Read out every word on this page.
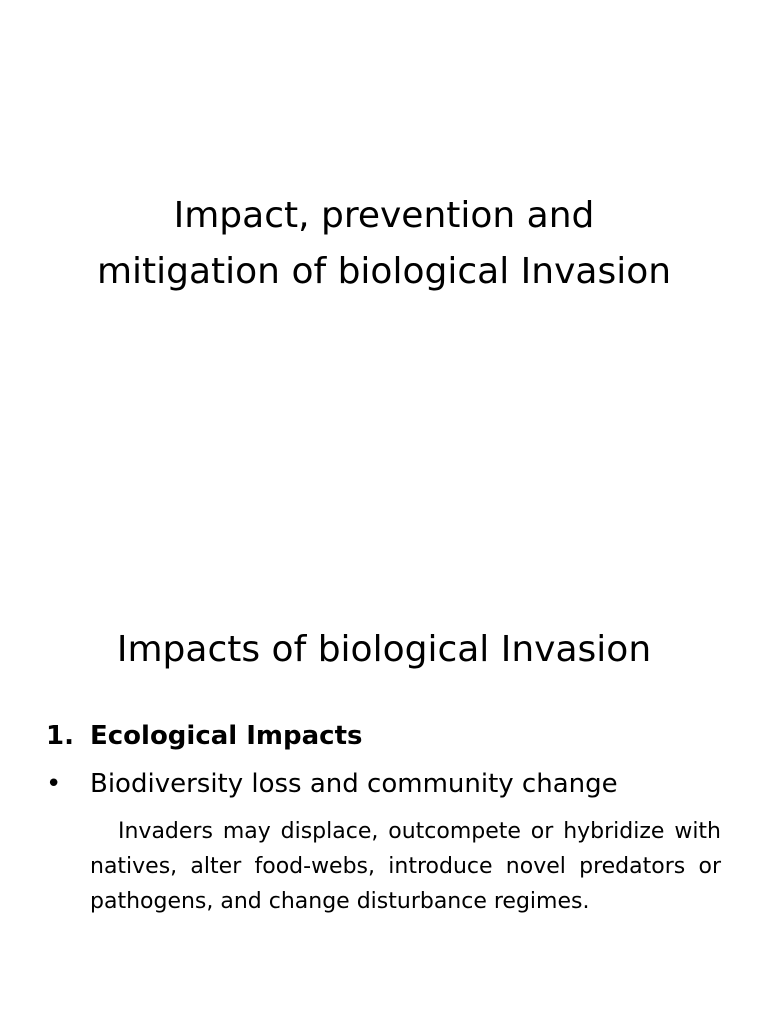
Impact, prevention and
mitigation of biological Invasion
Impacts of biological Invasion
1. Ecological Impacts
•	Biodiversity loss and community change

Invaders may displace, outcompete or hybridize with natives, alter food-webs, introduce novel predators or pathogens, and change disturbance regimes.
